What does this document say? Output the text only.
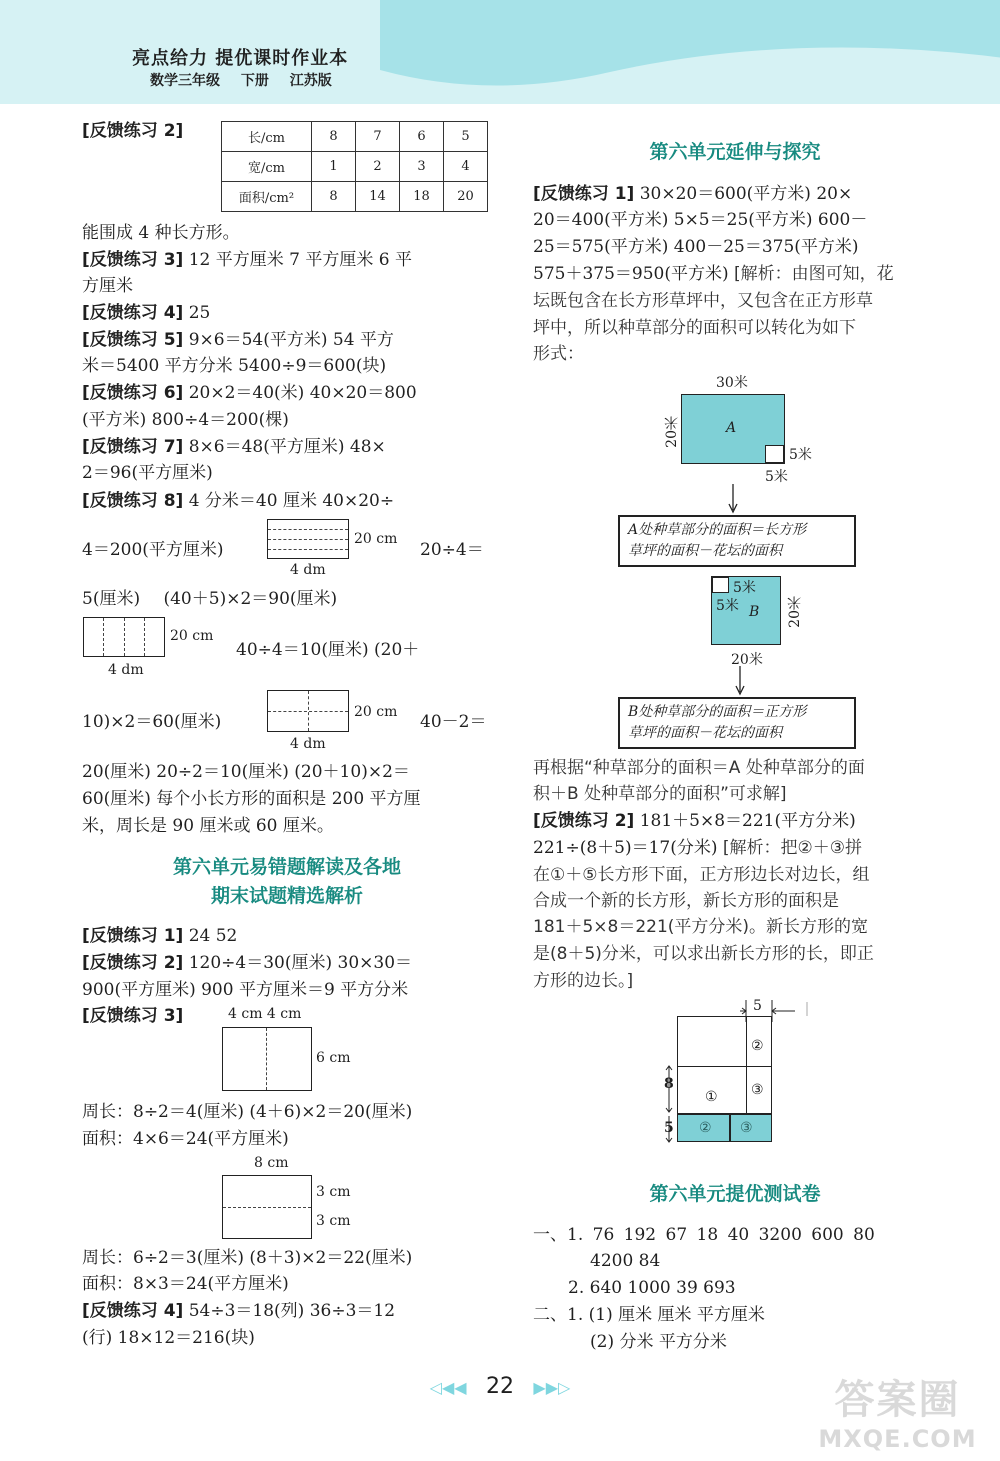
亮点给力 提优课时作业本
数学三年级 下册 江苏版
[反馈练习 2]	长/cm	8	7	6	5
宽/cm	1	2	3	4
面积/cm²	8	14	18	20
能围成 4 种长方形。
[反馈练习 3] 12 平方厘米 7 平方厘米 6 平
方厘米
[反馈练习 4] 25
[反馈练习 5] 9×6＝54(平方米) 54 平方
米＝5400 平方分米 5400÷9＝600(块)
[反馈练习 6] 20×2＝40(米) 40×20＝800
(平方米) 800÷4＝200(棵)
[反馈练习 7] 8×6＝48(平方厘米) 48×
2＝96(平方厘米)
[反馈练习 8] 4 分米＝40 厘米 40×20÷
4＝200(平方厘米)
20 cm
4 dm
20÷4＝
5(厘米) (40＋5)×2＝90(厘米)
20 cm
4 dm
40÷4＝10(厘米) (20＋
10)×2＝60(厘米)	20 cm
4 dm
40－2＝
20(厘米) 20÷2＝10(厘米) (20＋10)×2＝
60(厘米) 每个小长方形的面积是 200 平方厘
米，周长是 90 厘米或 60 厘米。
第六单元易错题解读及各地
期末试题精选解析
[反馈练习 1] 24 52
[反馈练习 2] 120÷4＝30(厘米) 30×30＝
900(平方厘米) 900 平方厘米＝9 平方分米
[反馈练习 3]	4 cm 4 cm
6 cm
周长：8÷2＝4(厘米) (4＋6)×2＝20(厘米)
面积：4×6＝24(平方厘米)
8 cm
3 cm
3 cm
周长：6÷2＝3(厘米) (8＋3)×2＝22(厘米)
面积：8×3＝24(平方厘米)
[反馈练习 4] 54÷3＝18(列) 36÷3＝12
(行) 18×12＝216(块)
第六单元延伸与探究
[反馈练习 1] 30×20＝600(平方米) 20×
20＝400(平方米) 5×5＝25(平方米) 600－
25＝575(平方米) 400－25＝375(平方米)
575＋375＝950(平方米) [解析：由图可知，花
坛既包含在长方形草坪中，又包含在正方形草
坪中，所以种草部分的面积可以转化为如下
形式：
30米
A
20米
5米
5米
A处种草部分的面积＝长方形
草坪的面积－花坛的面积
5米
5米 B 20米
20米
B处种草部分的面积＝正方形
草坪的面积－花坛的面积
再根据“种草部分的面积＝A 处种草部分的面
积＋B 处种草部分的面积”可求解]
[反馈练习 2] 181＋5×8＝221(平方分米)
221÷(8＋5)＝17(分米) [解析：把②＋③拼
在①＋⑤长方形下面，正方形边长对边长，组
合成一个新的长方形，新长方形的面积是
181＋5×8＝221(平方分米)。新长方形的宽
是(8＋5)分米，可以求出新长方形的长，即正
方形的边长。]
5
②
① ③
② ③
8
5
第六单元提优测试卷
一、1. 76 192 67 18 40 3200 600 80
4200 84
2. 640 1000 39 693
二、1. (1) 厘米 厘米 平方厘米
(2) 分米 平方分米
◁◀◀ 22 ▶▶▷	答案圈
MXQE.COM
